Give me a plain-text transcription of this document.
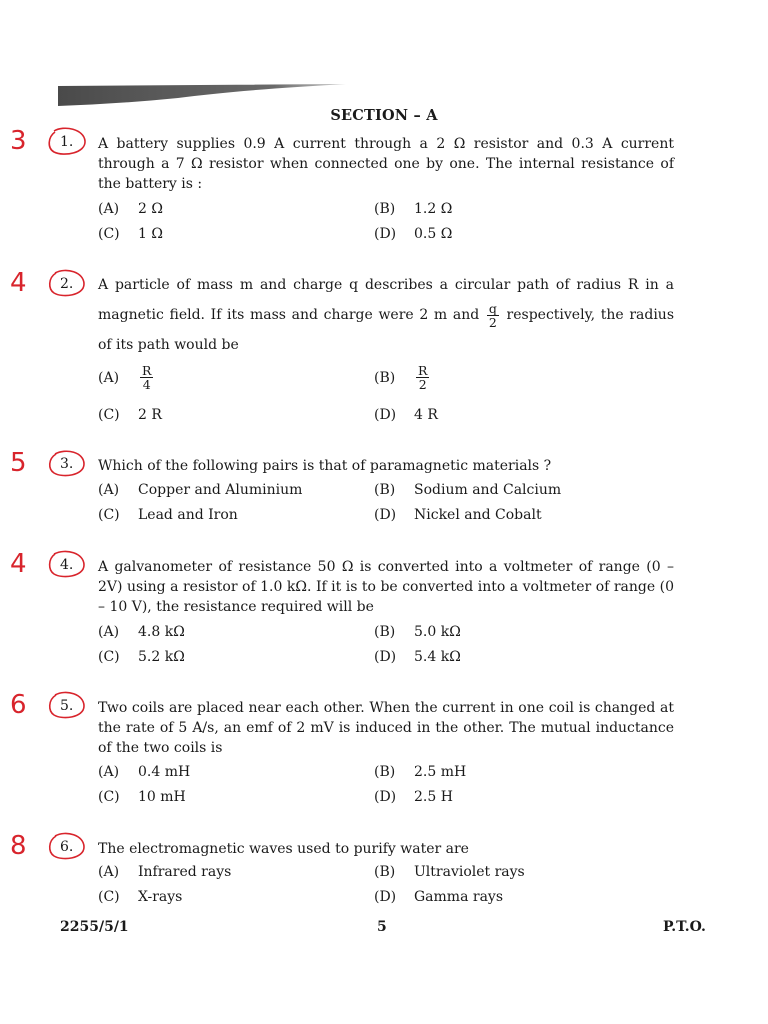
SECTION – A
3	1. A battery supplies 0.9 A current through a 2 Ω resistor and 0.3 A current through a 7 Ω resistor when connected one by one. The internal resistance of the battery is :
(A) 2 Ω	(B) 1.2 Ω
(C) 1 Ω	(D) 0.5 Ω
4	2. A particle of mass m and charge q describes a circular path of radius R in a magnetic field. If its mass and charge were 2 m and $\frac{q}{2}$ respectively, the radius of its path would be
$(A) \frac{R}{4}$	$(B) \frac{R}{2}$
(C) 2 R	(D) 4 R
5	3. Which of the following pairs is that of paramagnetic materials ?
(A) Copper and Aluminium	(B) Sodium and Calcium
(C) Lead and Iron	(D) Nickel and Cobalt
4	4. A galvanometer of resistance 50 Ω is converted into a voltmeter of range (0 – 2V) using a resistor of 1.0 kΩ. If it is to be converted into a voltmeter of range (0 – 10 V), the resistance required will be
(A) 4.8 kΩ	(B) 5.0 kΩ
(C) 5.2 kΩ	(D) 5.4 kΩ
6	5. Two coils are placed near each other. When the current in one coil is changed at the rate of 5 A/s, an emf of 2 mV is induced in the other. The mutual inductance of the two coils is
(A) 0.4 mH	(B) 2.5 mH
(C) 10 mH	(D) 2.5 H
8	6. The electromagnetic waves used to purify water are
(A) Infrared rays	(B) Ultraviolet rays
(C) X-rays	(D) Gamma rays
2255/5/1	5	P.T.O.
